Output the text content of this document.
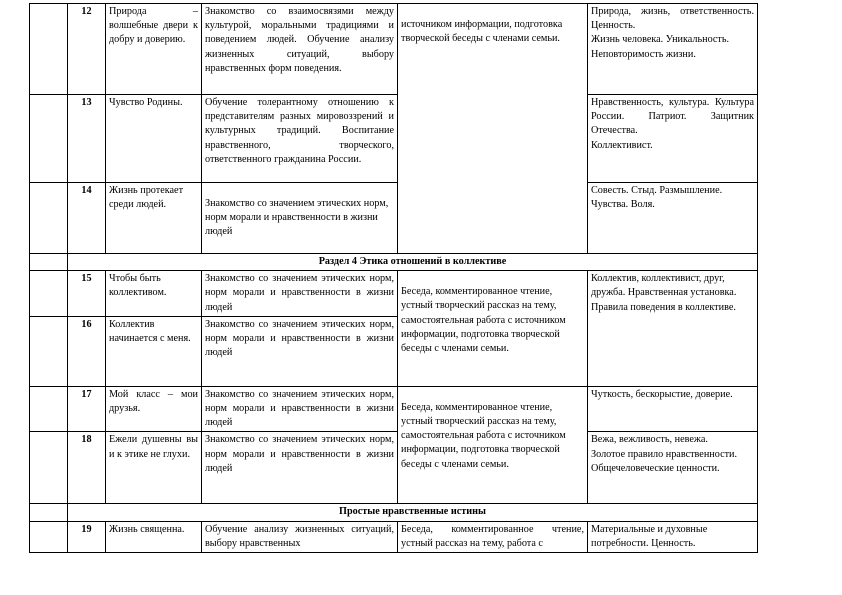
	12	Природа – волшебные двери к добру и доверию.	Знакомство со взаимосвязями между культурой, моральными традициями и поведением людей. Обучение анализу жизненных ситуаций, выбору нравственных форм поведения.	источником информации, подготовка творческой беседы с членами семьи.	Природа, жизнь, ответственность. Ценность.
Жизнь человека. Уникальность.
Неповторимость жизни.

	13	Чувство Родины.	Обучение толерантному отношению к представителям разных мировоззрений и культурных традиций. Воспитание нравственного, творческого, ответственного гражданина России.		Нравственность, культура. Культура России. Патриот. Защитник Отечества.
Коллективист.

	14	Жизнь протекает среди людей.	Знакомство со значением этических норм, норм морали и нравственности в жизни людей		Совесть. Стыд. Размышление. Чувства. Воля.
	Раздел 4 Этика отношений в коллективе				
	15	Чтобы быть коллективом.	Знакомство со значением этических норм, норм морали и нравственности в жизни людей	Беседа, комментированное чтение, устный творческий рассказ на тему, самостоятельная работа с источником информации, подготовка творческой беседы с членами семьи.	Коллектив, коллективист, друг, дружба. Нравственная установка. Правила поведения в коллективе.
	16	Коллектив начинается с меня.	Знакомство со значением этических норм, норм морали и нравственности в жизни людей		
	17	Мой класс – мои друзья.	Знакомство со значением этических норм, норм морали и нравственности в жизни людей	Беседа, комментированное чтение, устный творческий рассказ на тему, самостоятельная работа с источником информации, подготовка творческой беседы с членами семьи.	Чуткость, бескорыстие, доверие.
	18	Ежели душевны вы и к этике не глухи.	Знакомство со значением этических норм, норм морали и нравственности в жизни людей		Вежа, вежливость, невежа.
Золотое правило нравственности.
Общечеловеческие ценности.

	Простые нравственные истины				
	19	Жизнь священна.	Обучение анализу жизненных ситуаций, выбору нравственных	Беседа, комментированное чтение, устный рассказ на тему, работа с	Материальные и духовные потребности. Ценность.
